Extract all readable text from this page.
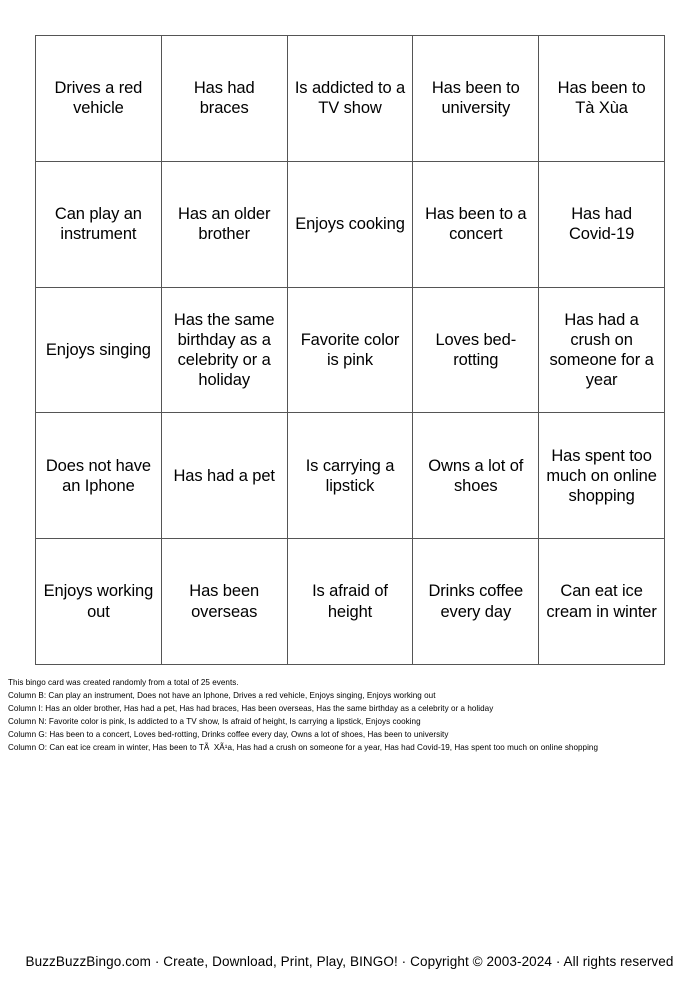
Drives a red vehicle
Has had braces
Is addicted to a TV show
Has been to university
Has been to Tà Xùa
Can play an instrument
Has an older brother
Enjoys cooking
Has been to a concert
Has had Covid-19
Enjoys singing
Has the same birthday as a celebrity or a holiday
Favorite color is pink
Loves bed-rotting
Has had a crush on someone for a year
Does not have an Iphone
Has had a pet
Is carrying a lipstick
Owns a lot of shoes
Has spent too much on online shopping
Enjoys working out
Has been overseas
Is afraid of height
Drinks coffee every day
Can eat ice cream in winter
This bingo card was created randomly from a total of 25 events.
Column B: Can play an instrument, Does not have an Iphone, Drives a red vehicle, Enjoys singing, Enjoys working out
Column I: Has an older brother, Has had a pet, Has had braces, Has been overseas, Has the same birthday as a celebrity or a holiday
Column N: Favorite color is pink, Is addicted to a TV show, Is afraid of height, Is carrying a lipstick, Enjoys cooking
Column G: Has been to a concert, Loves bed-rotting, Drinks coffee every day, Owns a lot of shoes, Has been to university
Column O: Can eat ice cream in winter, Has been to TÃ  XÃ¹a, Has had a crush on someone for a year, Has had Covid-19, Has spent too much on online shopping
BuzzBuzzBingo.com · Create, Download, Print, Play, BINGO! · Copyright © 2003-2024 · All rights reserved
